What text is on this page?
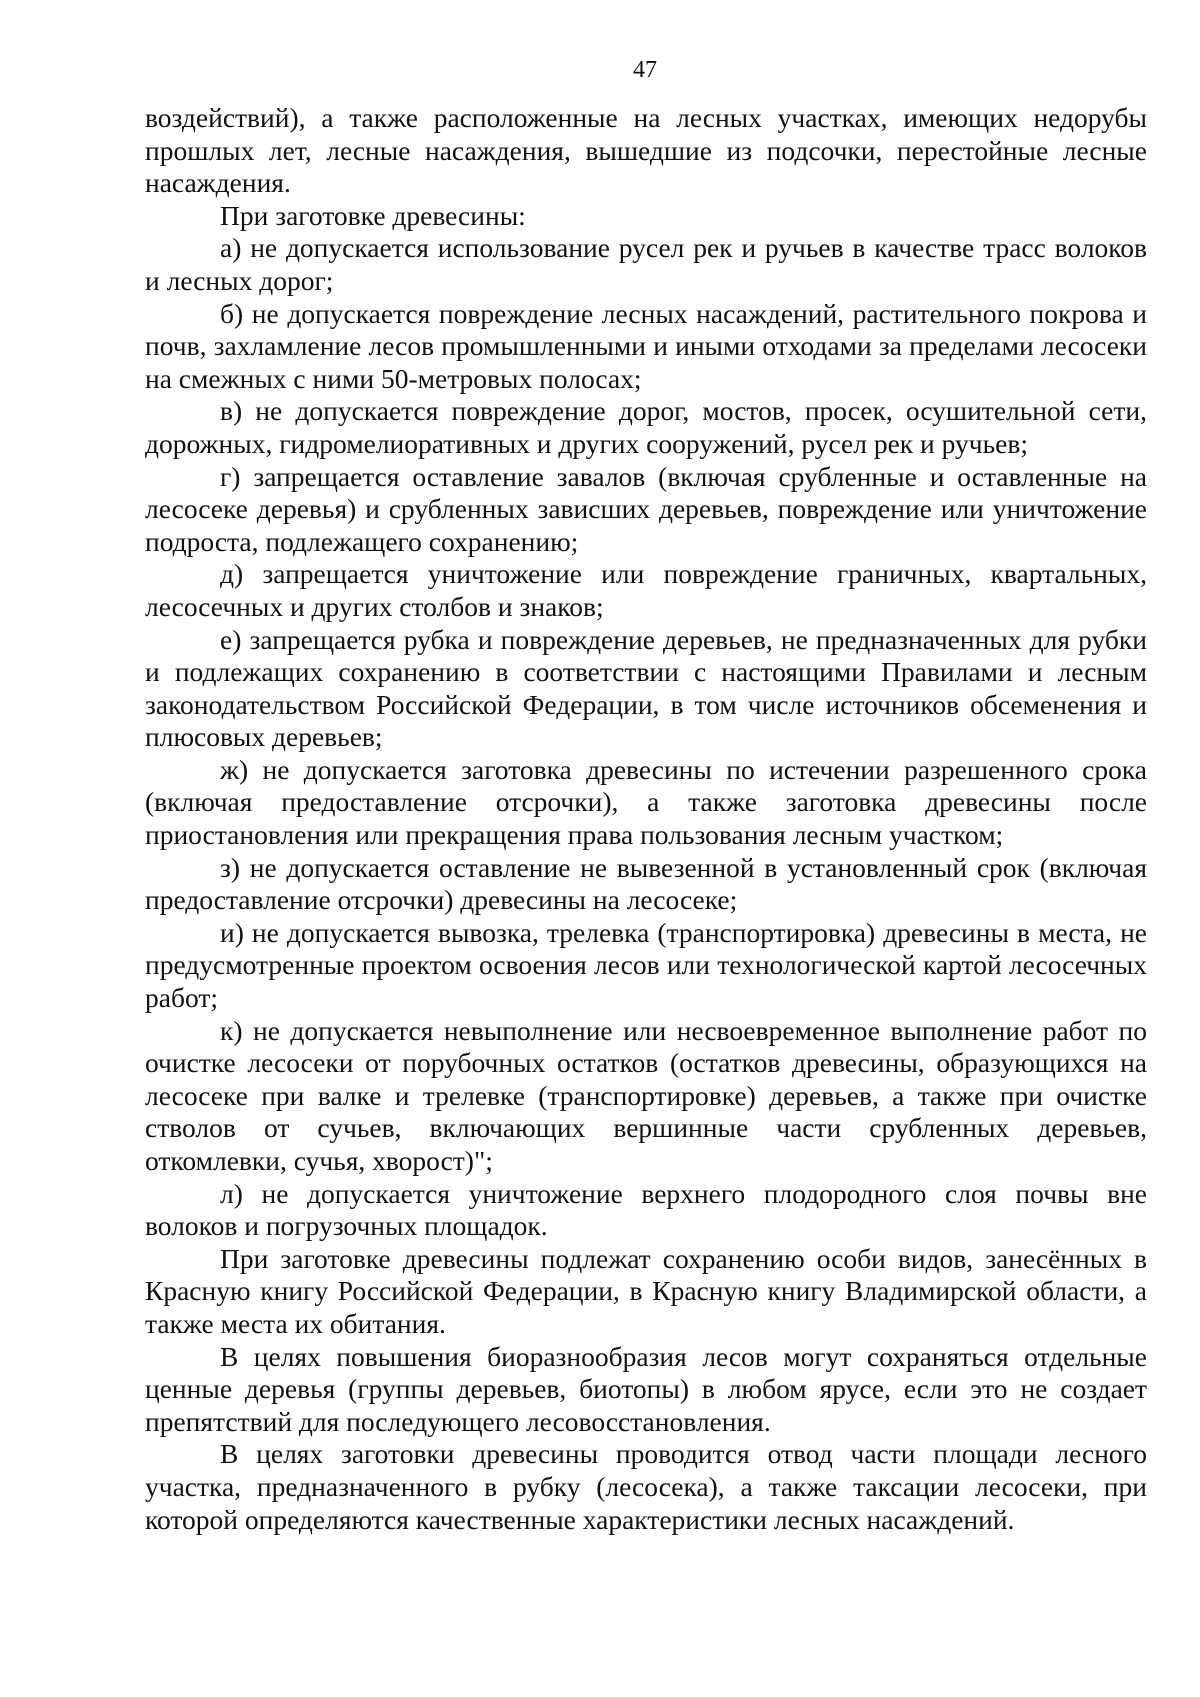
47

воздействий), а также расположенные на лесных участках, имеющих недорубы прошлых лет, лесные насаждения, вышедшие из подсочки, перестойные лесные насаждения.

При заготовке древесины:

а) не допускается использование русел рек и ручьев в качестве трасс волоков и лесных дорог;

б) не допускается повреждение лесных насаждений, растительного покрова и почв, захламление лесов промышленными и иными отходами за пределами лесосеки на смежных с ними 50-метровых полосах;

в) не допускается повреждение дорог, мостов, просек, осушительной сети, дорожных, гидромелиоративных и других сооружений, русел рек и ручьев;

г) запрещается оставление завалов (включая срубленные и оставленные на лесосеке деревья) и срубленных зависших деревьев, повреждение или уничтожение подроста, подлежащего сохранению;

д) запрещается уничтожение или повреждение граничных, квартальных, лесосечных и других столбов и знаков;

е) запрещается рубка и повреждение деревьев, не предназначенных для рубки и подлежащих сохранению в соответствии с настоящими Правилами и лесным законодательством Российской Федерации, в том числе источников обсеменения и плюсовых деревьев;

ж) не допускается заготовка древесины по истечении разрешенного срока (включая предоставление отсрочки), а также заготовка древесины после приостановления или прекращения права пользования лесным участком;

з) не допускается оставление не вывезенной в установленный срок (включая предоставление отсрочки) древесины на лесосеке;

и) не допускается вывозка, трелевка (транспортировка) древесины в места, не предусмотренные проектом освоения лесов или технологической картой лесосечных работ;

к) не допускается невыполнение или несвоевременное выполнение работ по очистке лесосеки от порубочных остатков (остатков древесины, образующихся на лесосеке при валке и трелевке (транспортировке) деревьев, а также при очистке стволов от сучьев, включающих вершинные части срубленных деревьев, откомлевки, сучья, хворост)";

л) не допускается уничтожение верхнего плодородного слоя почвы вне волоков и погрузочных площадок.

При заготовке древесины подлежат сохранению особи видов, занесённых в Красную книгу Российской Федерации, в Красную книгу Владимирской области, а также места их обитания.

В целях повышения биоразнообразия лесов могут сохраняться отдельные ценные деревья (группы деревьев, биотопы) в любом ярусе, если это не создает препятствий для последующего лесовосстановления.

В целях заготовки древесины проводится отвод части площади лесного участка, предназначенного в рубку (лесосека), а также таксации лесосеки, при которой определяются качественные характеристики лесных насаждений.
